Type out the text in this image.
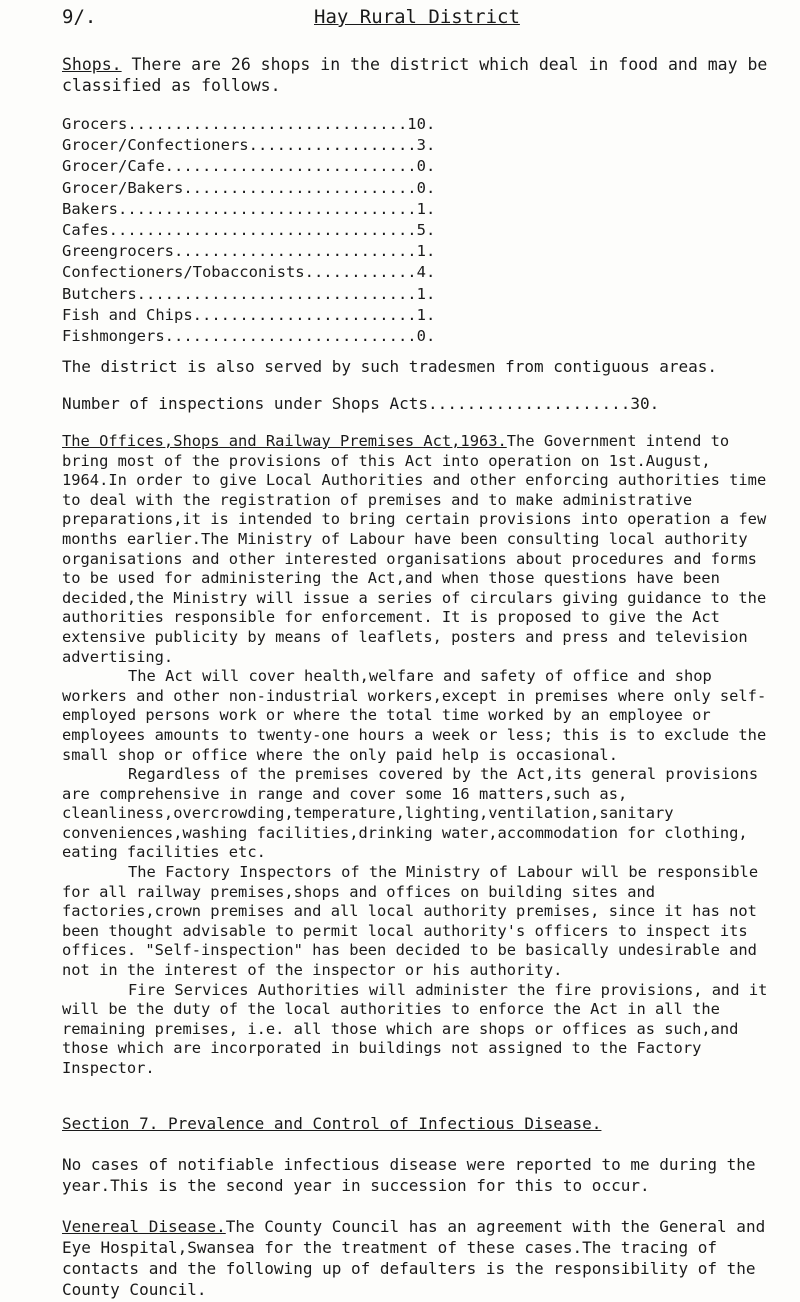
9/.	Hay Rural District
Shops. There are 26 shops in the district which deal in food and may be classified as follows.
Grocers .............................. 10.
Grocer/Confectioners .................. 3.
Grocer/Cafe ........................... 0.
Grocer/Bakers ......................... 0.
Bakers ................................ 1.
Cafes ................................. 5.
Greengrocers .......................... 1.
Confectioners/Tobacconists ............ 4.
Butchers .............................. 1.
Fish and Chips ........................ 1.
Fishmongers ........................... 0.
The district is also served by such tradesmen from contiguous areas.
Number of inspections under Shops Acts.....................30.

The Offices,Shops and Railway Premises Act,1963.The Government intend to bring most of the provisions of this Act into operation on 1st.August, 1964.In order to give Local Authorities and other enforcing authorities time to deal with the registration of premises and to make administrative preparations,it is intended to bring certain provisions into operation a few months earlier.The Ministry of Labour have been consulting local authority organisations and other interested organisations about procedures and forms to be used for administering the Act,and when those questions have been decided,the Ministry will issue a series of circulars giving guidance to the authorities responsible for enforcement. It is proposed to give the Act extensive publicity by means of leaflets, posters and press and television advertising.

The Act will cover health,welfare and safety of office and shop workers and other non-industrial workers,except in premises where only self-employed persons work or where the total time worked by an employee or employees amounts to twenty-one hours a week or less; this is to exclude the small shop or office where the only paid help is occasional.

Regardless of the premises covered by the Act,its general provisions are comprehensive in range and cover some 16 matters,such as, cleanliness,overcrowding,temperature,lighting,ventilation,sanitary conveniences,washing facilities,drinking water,accommodation for clothing, eating facilities etc.

The Factory Inspectors of the Ministry of Labour will be responsible for all railway premises,shops and offices on building sites and factories,crown premises and all local authority premises, since it has not been thought advisable to permit local authority's officers to inspect its offices. "Self-inspection" has been decided to be basically undesirable and not in the interest of the inspector or his authority.

Fire Services Authorities will administer the fire provisions, and it will be the duty of the local authorities to enforce the Act in all the remaining premises, i.e. all those which are shops or offices as such,and those which are incorporated in buildings not assigned to the Factory Inspector.

Section 7. Prevalence and Control of Infectious Disease.
No cases of notifiable infectious disease were reported to me during the year.This is the second year in succession for this to occur.
Venereal Disease.The County Council has an agreement with the General and Eye Hospital,Swansea for the treatment of these cases.The tracing of contacts and the following up of defaulters is the responsibility of the County Council.
